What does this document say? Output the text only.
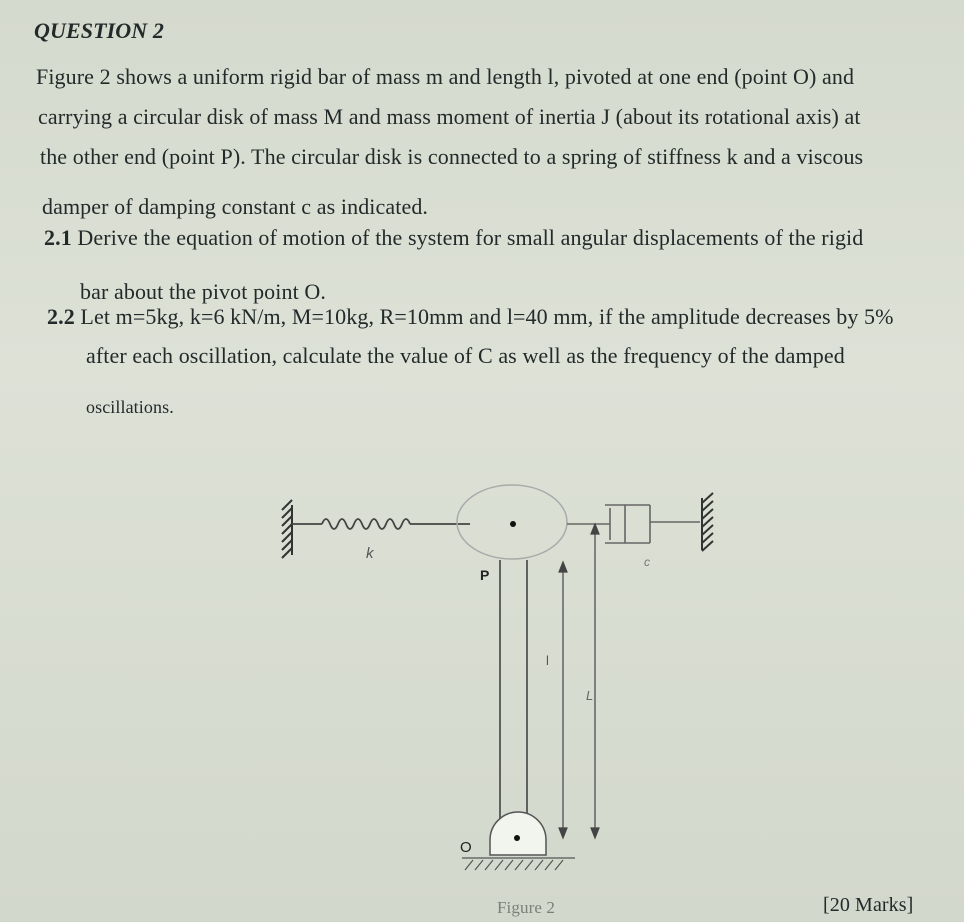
QUESTION 2
Figure 2 shows a uniform rigid bar of mass m and length l, pivoted at one end (point O) and
carrying a circular disk of mass M and mass moment of inertia J (about its rotational axis) at
the other end (point P). The circular disk is connected to a spring of stiffness k and a viscous
damper of damping constant c as indicated.
2.1 Derive the equation of motion of the system for small angular displacements of the rigid
bar about the pivot point O.
2.2 Let m=5kg, k=6 kN/m, M=10kg, R=10mm and l=40 mm, if the amplitude decreases by 5%
after each oscillation, calculate the value of C as well as the frequency of the damped
oscillations.
k
P
c
O
l
L
Figure 2	[20 Marks]
